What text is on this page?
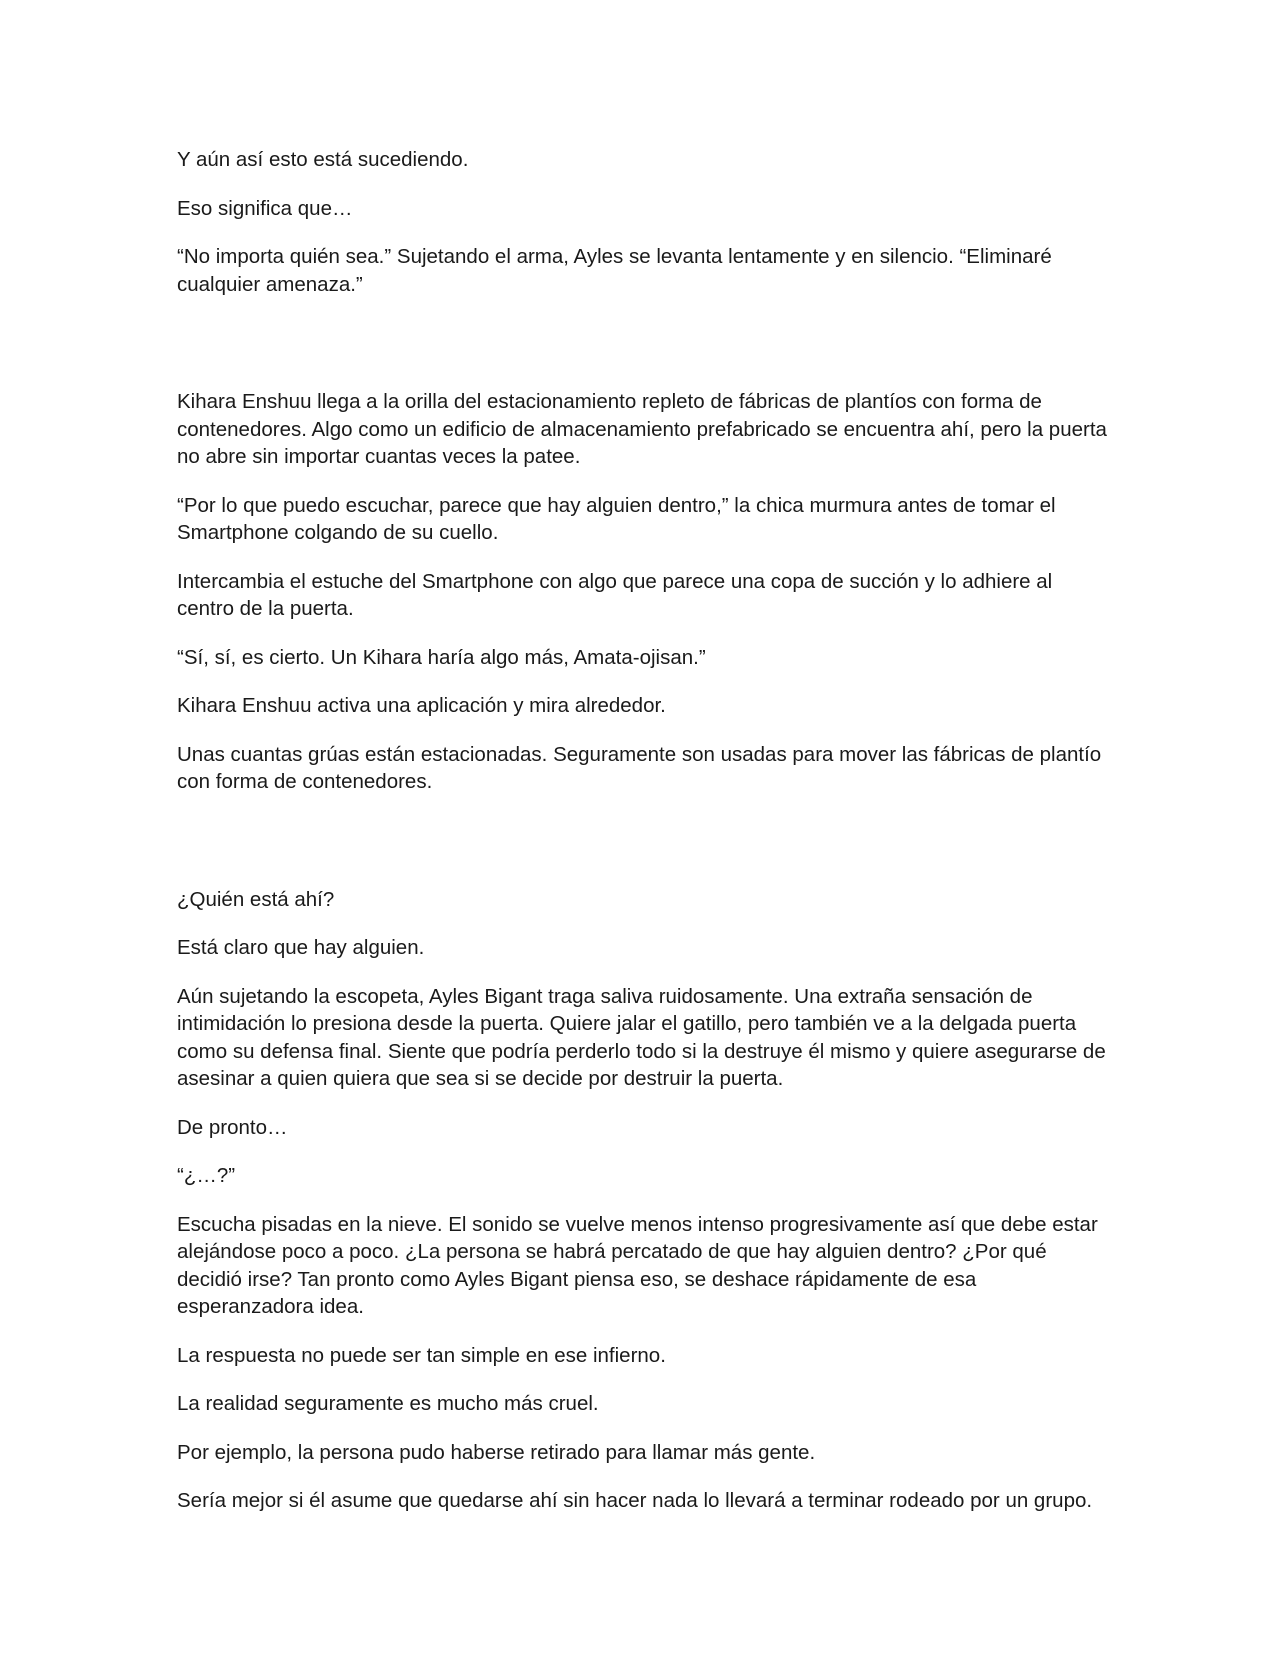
Y aún así esto está sucediendo.

Eso significa que…

“No importa quién sea.” Sujetando el arma, Ayles se levanta lentamente y en silencio. “Eliminaré cualquier amenaza.”

Kihara Enshuu llega a la orilla del estacionamiento repleto de fábricas de plantíos con forma de contenedores. Algo como un edificio de almacenamiento prefabricado se encuentra ahí, pero la puerta no abre sin importar cuantas veces la patee.

“Por lo que puedo escuchar, parece que hay alguien dentro,” la chica murmura antes de tomar el Smartphone colgando de su cuello.

Intercambia el estuche del Smartphone con algo que parece una copa de succión y lo adhiere al centro de la puerta.

“Sí, sí, es cierto. Un Kihara haría algo más, Amata-ojisan.”

Kihara Enshuu activa una aplicación y mira alrededor.

Unas cuantas grúas están estacionadas. Seguramente son usadas para mover las fábricas de plantío con forma de contenedores.

¿Quién está ahí?

Está claro que hay alguien.

Aún sujetando la escopeta, Ayles Bigant traga saliva ruidosamente. Una extraña sensación de intimidación lo presiona desde la puerta. Quiere jalar el gatillo, pero también ve a la delgada puerta como su defensa final. Siente que podría perderlo todo si la destruye él mismo y quiere asegurarse de asesinar a quien quiera que sea si se decide por destruir la puerta.

De pronto…

“¿…?”

Escucha pisadas en la nieve. El sonido se vuelve menos intenso progresivamente así que debe estar alejándose poco a poco. ¿La persona se habrá percatado de que hay alguien dentro? ¿Por qué decidió irse? Tan pronto como Ayles Bigant piensa eso, se deshace rápidamente de esa esperanzadora idea.

La respuesta no puede ser tan simple en ese infierno.

La realidad seguramente es mucho más cruel.

Por ejemplo, la persona pudo haberse retirado para llamar más gente.

Sería mejor si él asume que quedarse ahí sin hacer nada lo llevará a terminar rodeado por un grupo.
